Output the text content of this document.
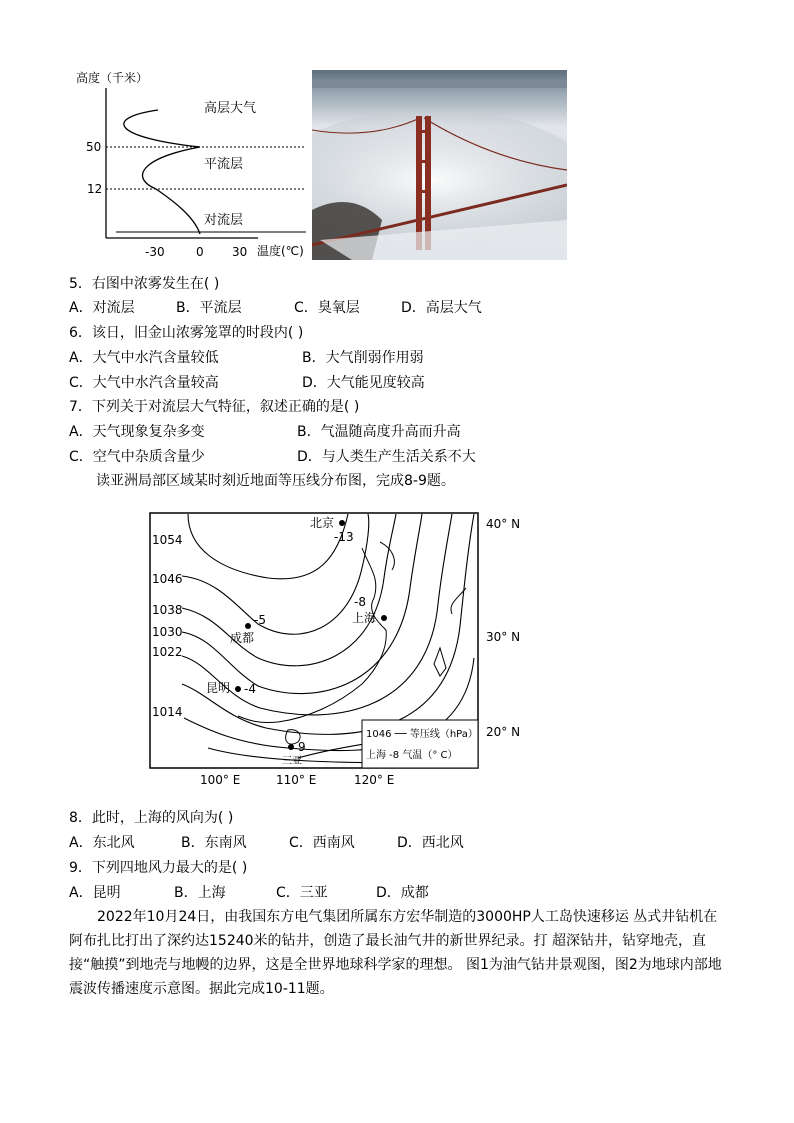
高度（千米）
50
12
-30	0 30 温度(℃)
高层大气
平流层
对流层
5．右图中浓雾发生在( )
A．对流层	B．平流层	C．臭氧层	D．高层大气
6．该日，旧金山浓雾笼罩的时段内( )
A．大气中水汽含量较低	B．大气削弱作用弱
C．大气中水汽含量较高	D．大气能见度较高
7．下列关于对流层大气特征，叙述正确的是( )
A．天气现象复杂多变	B．气温随高度升高而升高
C．空气中杂质含量少	D．与人类生产生活关系不大
读亚洲局部区域某时刻近地面等压线分布图，完成8-9题。
1054
1046
1038
1030
1022
1014
40° N
30° N
20° N
100° E	110° E	120° E
北京
-13
上海
-8
成都
-5
昆明 -4
三亚
9
1046 ── 等压线（hPa）
上海 -8 气温（° C）
8．此时，上海的风向为( )
A．东北风	B．东南风	C．西南风	D．西北风
9．下列四地风力最大的是( )
A．昆明	B．上海	C．三亚	D．成都
2022年10月24日，由我国东方电气集团所属东方宏华制造的3000HP人工岛快速移运 丛式井钻机在阿布扎比打出了深约达15240米的钻井，创造了最长油气井的新世界纪录。打 超深钻井，钻穿地壳，直接“触摸”到地壳与地幔的边界，这是全世界地球科学家的理想。 图1为油气钻井景观图，图2为地球内部地震波传播速度示意图。据此完成10-11题。
